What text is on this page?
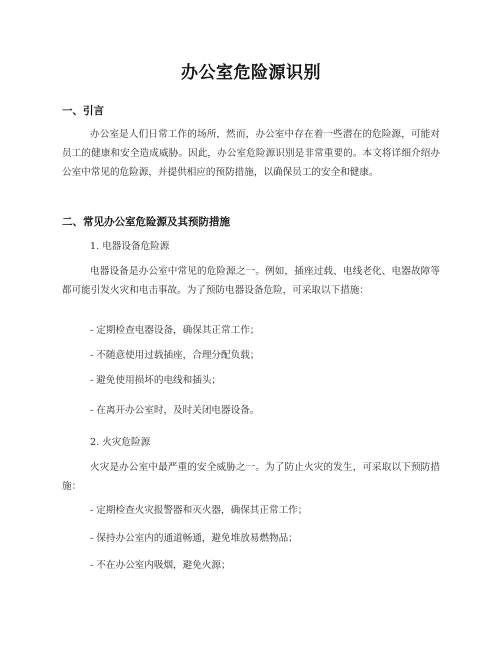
办公室危险源识别
一、引言
办公室是人们日常工作的场所，然而，办公室中存在着一些潜在的危险源，可能对员工的健康和安全造成威胁。因此，办公室危险源识别是非常重要的。本文将详细介绍办公室中常见的危险源，并提供相应的预防措施，以确保员工的安全和健康。
二、常见办公室危险源及其预防措施
1. 电器设备危险源
电器设备是办公室中常见的危险源之一。例如，插座过载、电线老化、电器故障等都可能引发火灾和电击事故。为了预防电器设备危险，可采取以下措施：
- 定期检查电器设备，确保其正常工作；
- 不随意使用过载插座，合理分配负载；
- 避免使用损坏的电线和插头；
- 在离开办公室时，及时关闭电器设备。
2. 火灾危险源
火灾是办公室中最严重的安全威胁之一。为了防止火灾的发生，可采取以下预防措施：
- 定期检查火灾报警器和灭火器，确保其正常工作；
- 保持办公室内的通道畅通，避免堆放易燃物品；
- 不在办公室内吸烟，避免火源；
